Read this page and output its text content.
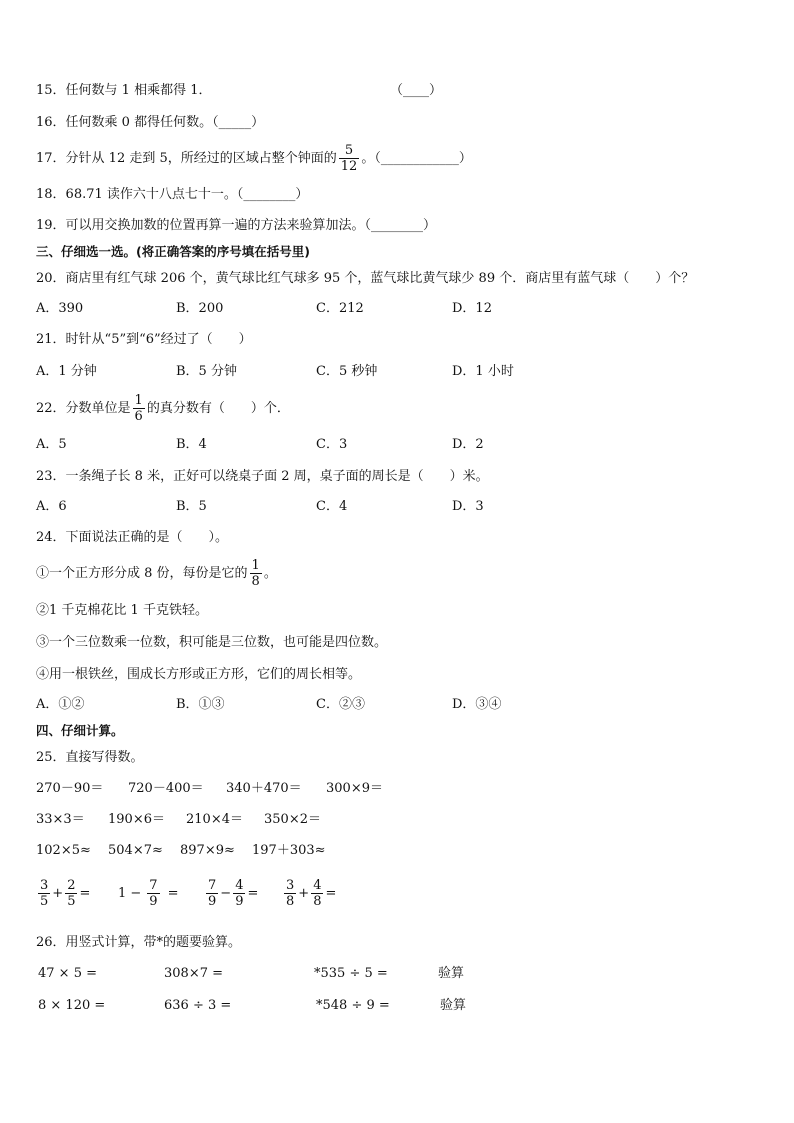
15．任何数与 1 相乘都得 1．	（____）
16．任何数乘 0 都得任何数。（_____）
17．分针从 12 走到 5，所经过的区域占整个钟面的 $\frac{5}{12}$ 。（____________）
18．68.71 读作六十八点七十一。（________）
19．可以用交换加数的位置再算一遍的方法来验算加法。（________）
三、仔细选一选。(将正确答案的序号填在括号里)
20．商店里有红气球 206 个，黄气球比红气球多 95 个，蓝气球比黄气球少 89 个．商店里有蓝气球（　　）个？
A．390	B．200	C．212	D．12
21．时针从“5”到“6”经过了（　　）
A．1 分钟	B．5 分钟	C．5 秒钟	D．1 小时
22．分数单位是 $\frac{1}{6}$ 的真分数有（　　）个．
A．5	B．4	C．3	D．2
23．一条绳子长 8 米，正好可以绕桌子面 2 周，桌子面的周长是（　　）米。
A．6	B．5	C．4	D．3
24．下面说法正确的是（　　）。
①一个正方形分成 8 份，每份是它的 $\frac{1}{8}$ 。
②1 千克棉花比 1 千克铁轻。
③一个三位数乘一位数，积可能是三位数，也可能是四位数。
④用一根铁丝，围成长方形或正方形，它们的周长相等。
A．①②	B．①③	C．②③	D．③④
四、仔细计算。
25．直接写得数。
270－90＝ 720－400＝ 340＋470＝ 300×9＝
33×3＝ 190×6＝ 210×4＝ 350×2＝
102×5≈ 504×7≈ 897×9≈ 197＋303≈
$\frac{3}{5} + \frac{2}{5} = 1 - \frac{7}{9} = \frac{7}{9} - \frac{4}{9} = \frac{3}{8} + \frac{4}{8}$ =
26．用竖式计算，带*的题要验算。
47 × 5 =	308×7 =	*535 ÷ 5 =	验算
8 × 120 =	636 ÷ 3 =	*548 ÷ 9 =	验算
